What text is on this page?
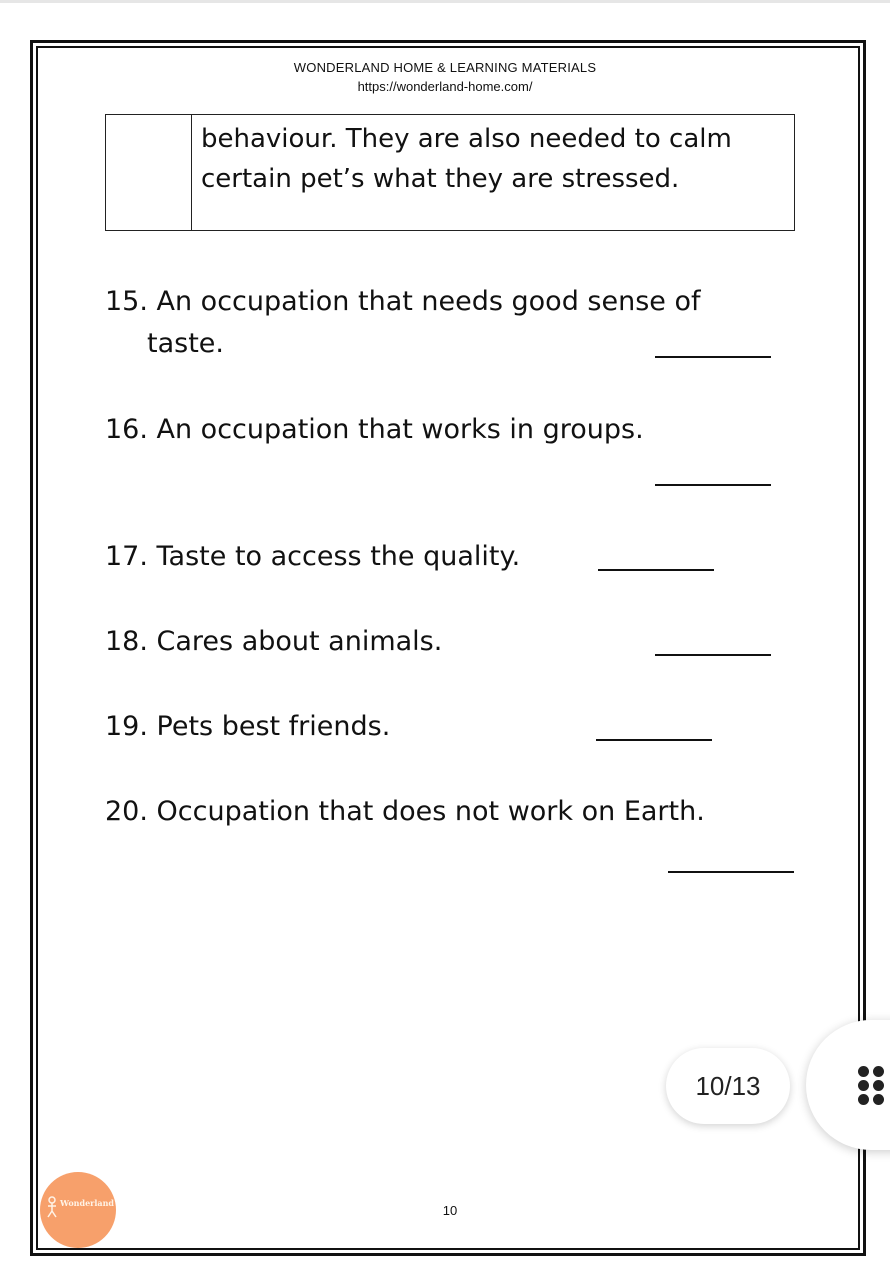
WONDERLAND HOME & LEARNING MATERIALS
https://wonderland-home.com/
behaviour. They are also needed to calm
certain pet’s what they are stressed.
15. An occupation that needs good sense of
taste.
16. An occupation that works in groups.
17. Taste to access the quality.
18. Cares about animals.
19. Pets best friends.
20. Occupation that does not work on Earth.
10/13
Wonderland	10
